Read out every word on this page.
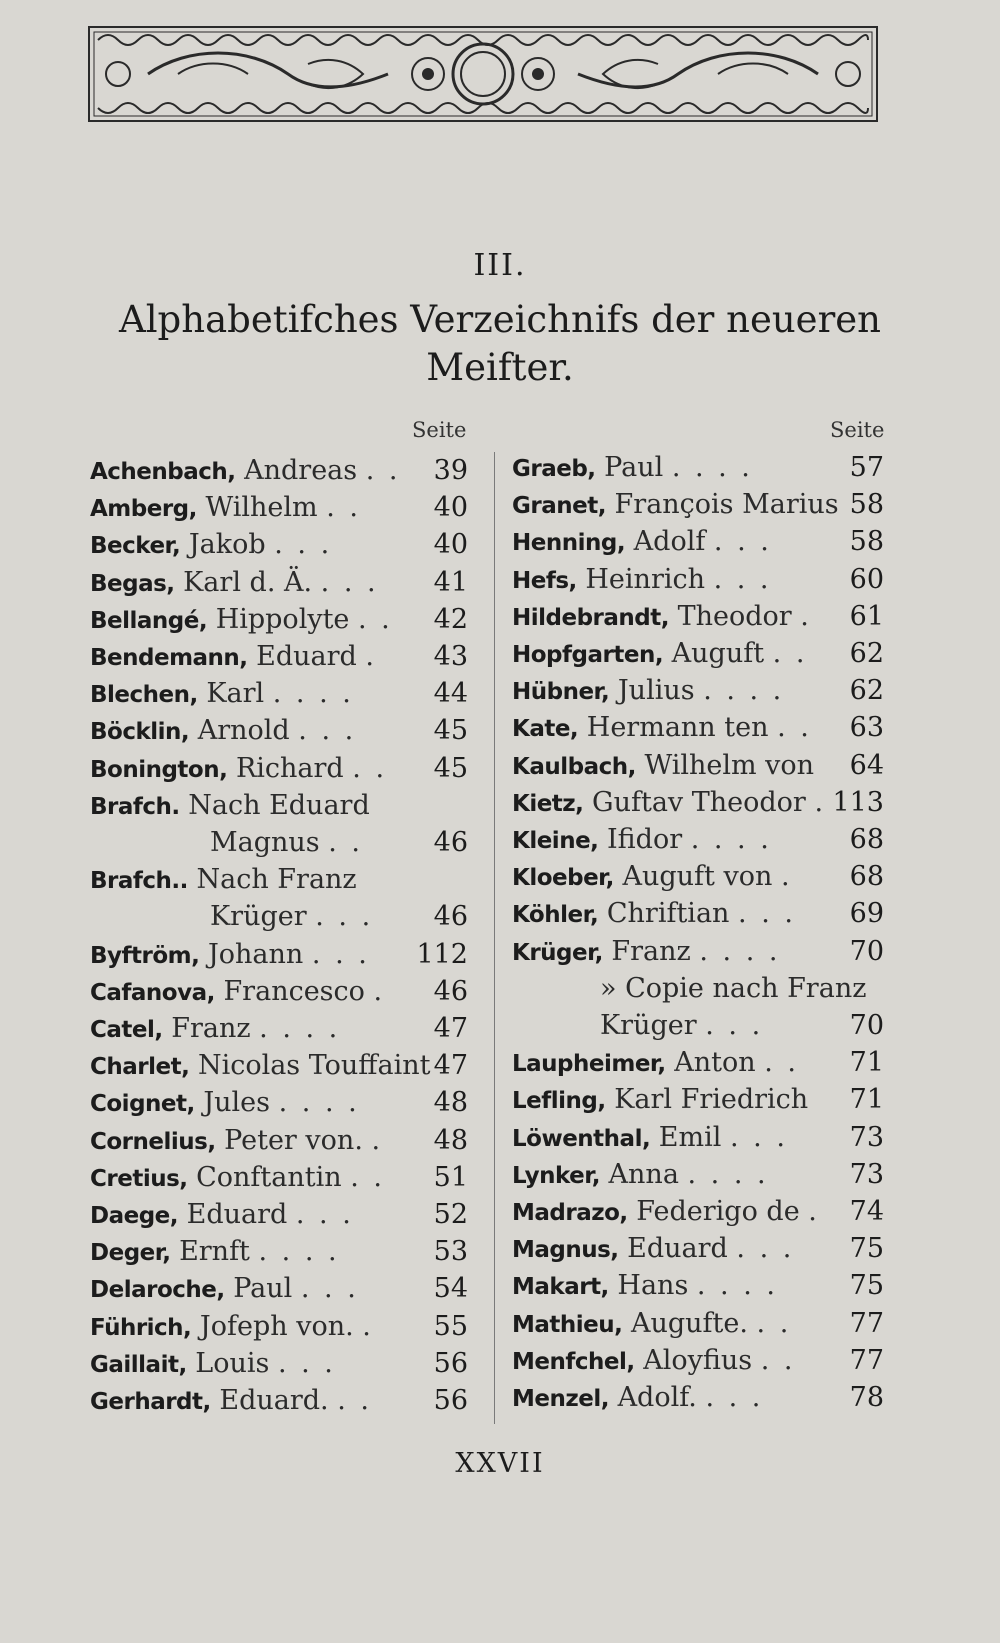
III.
Alphabetifches Verzeichnifs der neueren
Meifter.
Seite	Seite
Achenbach, Andreas . .	39
Amberg, Wilhelm . .	40
Becker, Jakob . . .	40
Begas, Karl d. Ä. . . .	41
Bellangé, Hippolyte . .	42
Bendemann, Eduard .	43
Blechen, Karl . . . .	44
Böcklin, Arnold . . .	45
Bonington, Richard . .	45
Brafch. Nach Eduard
Magnus . .	46
Brafch.. Nach Franz
Krüger . . .	46
Byftröm, Johann . . . 112
Cafanova, Francesco .	46
Catel, Franz . . . .	47
Charlet, Nicolas Touffaint 47
Coignet, Jules . . . .	48
Cornelius, Peter von. .	48
Cretius, Conftantin . .	51
Daege, Eduard . . .	52
Deger, Ernft . . . .	53
Delaroche, Paul . . .	54
Führich, Jofeph von. .	55
Gaillait, Louis . . .	56
Gerhardt, Eduard. . .	56
Graeb, Paul . . . .	57
Granet, François Marius 58
Henning, Adolf . . .	58
Hefs, Heinrich . . .	60
Hildebrandt, Theodor .	61
Hopfgarten, Auguft . .	62
Hübner, Julius . . . .	62
Kate, Hermann ten . .	63
Kaulbach, Wilhelm von	64
Kietz, Guftav Theodor . 113
Kleine, Ifidor . . . .	68
Kloeber, Auguft von .	68
Köhler, Chriftian . . .	69
Krüger, Franz . . . .	70
» Copie nach Franz
Krüger . . .	70
Laupheimer, Anton . .	71
Lefling, Karl Friedrich	71
Löwenthal, Emil . . .	73
Lynker, Anna . . . .	73
Madrazo, Federigo de .	74
Magnus, Eduard . . .	75
Makart, Hans . . . .	75
Mathieu, Augufte. . .	77
Menfchel, Aloyfius . .	77
Menzel, Adolf. . . .	78
XXVII
